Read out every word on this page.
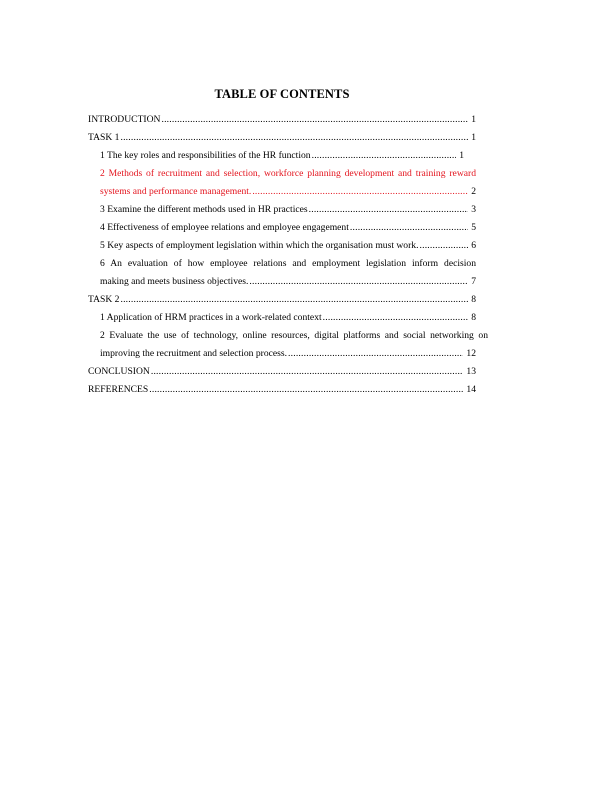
TABLE OF CONTENTS
INTRODUCTION .....	1
TASK 1 .....	1
1 The key roles and responsibilities of the HR function .....	1
2 Methods of recruitment and selection, workforce planning development and training reward
systems and performance management. .....	2
3 Examine the different methods used in HR practices .....	3
4 Effectiveness of employee relations and employee engagement .....	5
5 Key aspects of employment legislation within which the organisation must work. .....	6
6 An evaluation of how employee relations and employment legislation inform decision
making and meets business objectives. .....	7
TASK 2 .....	8
1 Application of HRM practices in a work-related context .....	8
2 Evaluate the use of technology, online resources, digital platforms and social networking on
improving the recruitment and selection process. .....	12
CONCLUSION .....	13
REFERENCES .....	14
